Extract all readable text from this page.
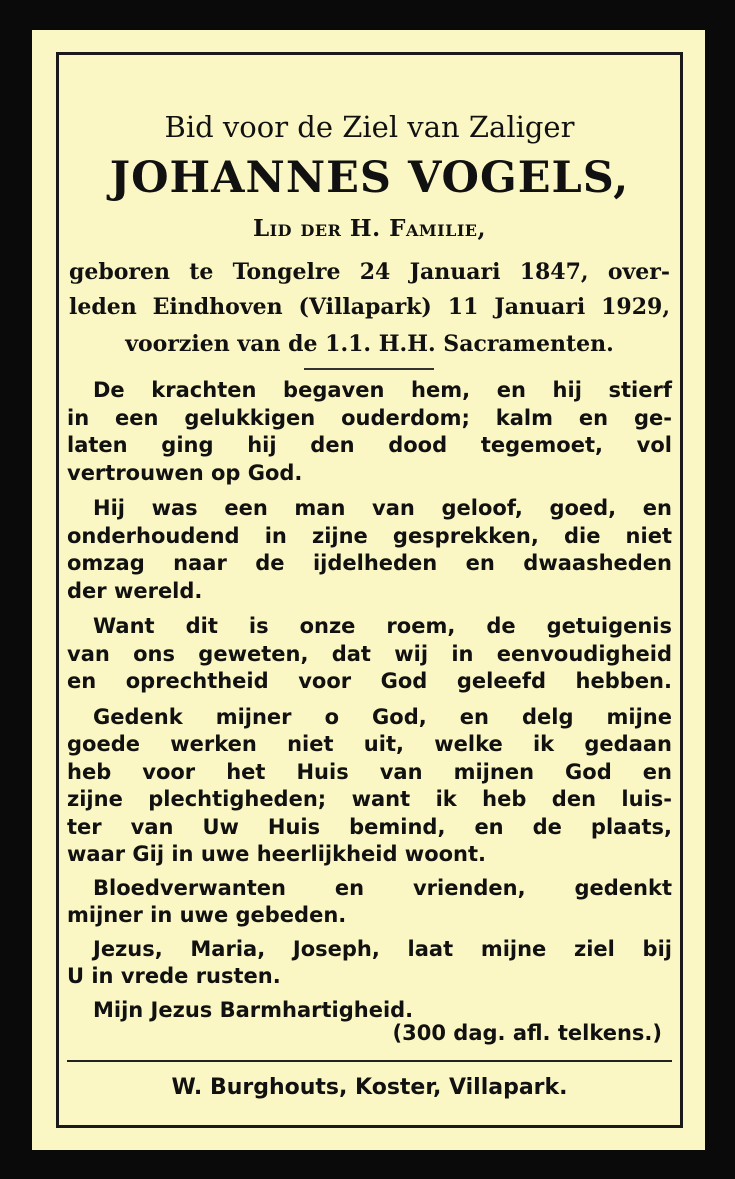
Bid voor de Ziel van Zaliger
JOHANNES VOGELS,
Lid der H. Familie,
geboren te Tongelre 24 Januari 1847, over-
leden Eindhoven (Villapark) 11 Januari 1929,
voorzien van de 1.1. H.H. Sacramenten.
De krachten begaven hem, en hij stierf
in een gelukkigen ouderdom; kalm en ge-
laten ging hij den dood tegemoet, vol
vertrouwen op God.
Hij was een man van geloof, goed, en
onderhoudend in zijne gesprekken, die niet
omzag naar de ijdelheden en dwaasheden
der wereld.
Want dit is onze roem, de getuigenis
van ons geweten, dat wij in eenvoudigheid
en oprechtheid voor God geleefd hebben.
Gedenk mijner o God, en delg mijne
goede werken niet uit, welke ik gedaan
heb voor het Huis van mijnen God en
zijne plechtigheden; want ik heb den luis-
ter van Uw Huis bemind, en de plaats,
waar Gij in uwe heerlijkheid woont.
Bloedverwanten en vrienden, gedenkt
mijner in uwe gebeden.
Jezus, Maria, Joseph, laat mijne ziel bij
U in vrede rusten.
Mijn Jezus Barmhartigheid.
(300 dag. afl. telkens.)
W. Burghouts, Koster, Villapark.
